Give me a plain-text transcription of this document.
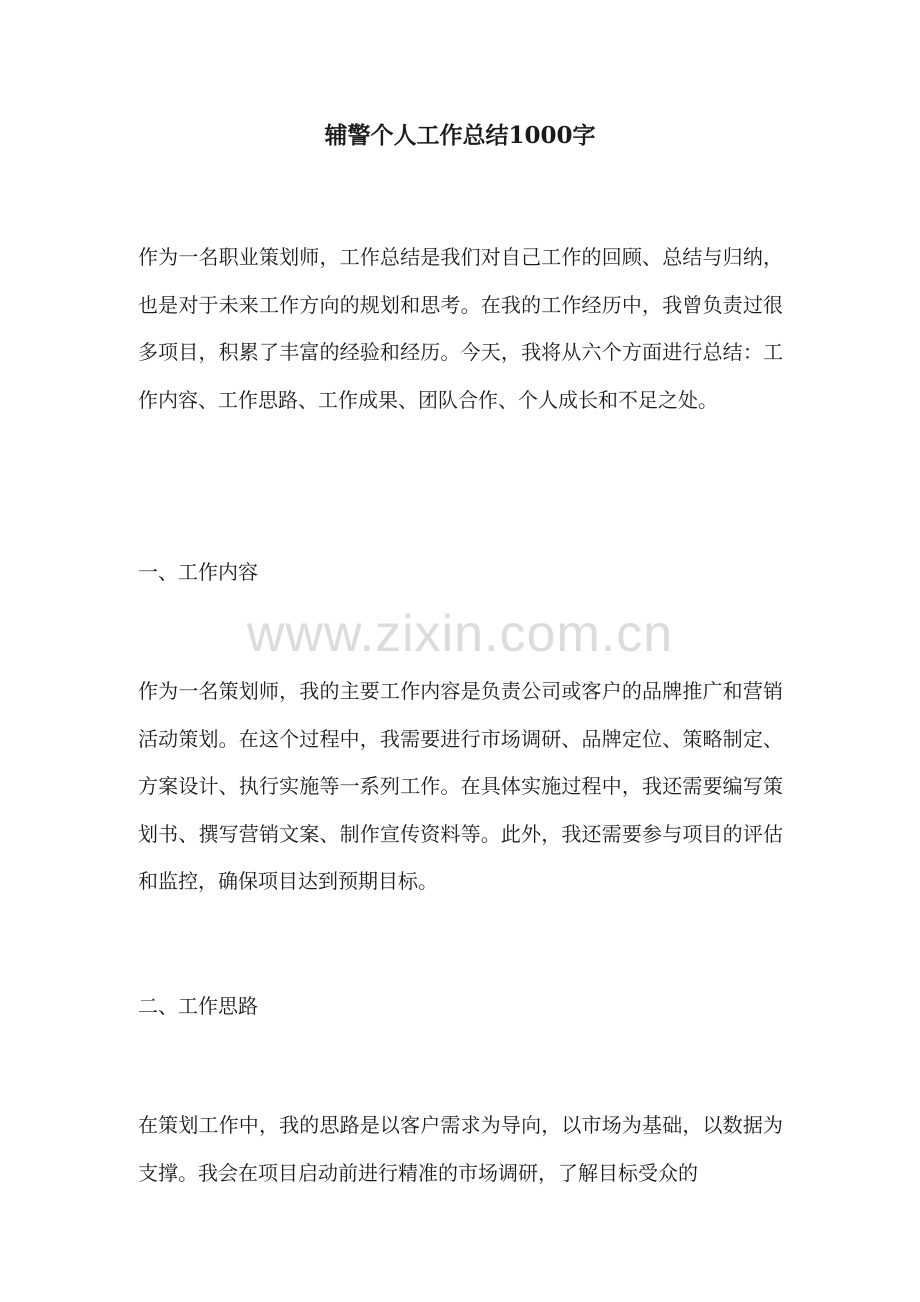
辅警个人工作总结1000字

作为一名职业策划师，工作总结是我们对自己工作的回顾、总结与归纳，也是对于未来工作方向的规划和思考。在我的工作经历中，我曾负责过很多项目，积累了丰富的经验和经历。今天，我将从六个方面进行总结：工作内容、工作思路、工作成果、团队合作、个人成长和不足之处。

一、工作内容
www.zixin.com.cn

作为一名策划师，我的主要工作内容是负责公司或客户的品牌推广和营销活动策划。在这个过程中，我需要进行市场调研、品牌定位、策略制定、方案设计、执行实施等一系列工作。在具体实施过程中，我还需要编写策划书、撰写营销文案、制作宣传资料等。此外，我还需要参与项目的评估和监控，确保项目达到预期目标。

二、工作思路

在策划工作中，我的思路是以客户需求为导向，以市场为基础，以数据为支撑。我会在项目启动前进行精准的市场调研，了解目标受众的
